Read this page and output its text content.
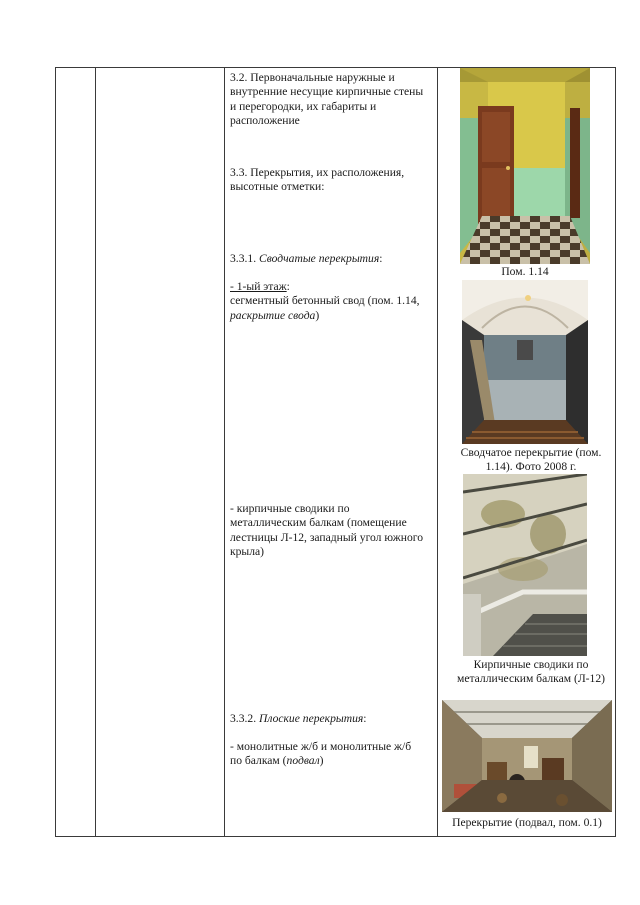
3.2. Первоначальные наружные и внутренние несущие кирпичные стены и перегородки, их габариты и расположение
3.3. Перекрытия, их расположения, высотные отметки:
3.3.1. Сводчатые перекрытия:
- 1-ый этаж:
сегментный бетонный свод (пом. 1.14, раскрытие свода)
- кирпичные сводики по металлическим балкам (помещение лестницы Л-12, западный угол южного крыла)
3.3.2. Плоские перекрытия:
- монолитные ж/б и монолитные ж/б по балкам (подвал)
Пом. 1.14
Сводчатое перекрытие (пом. 1.14). Фото 2008 г.
Кирпичные сводики по металлическим балкам (Л-12)
Перекрытие (подвал, пом. 0.1)
